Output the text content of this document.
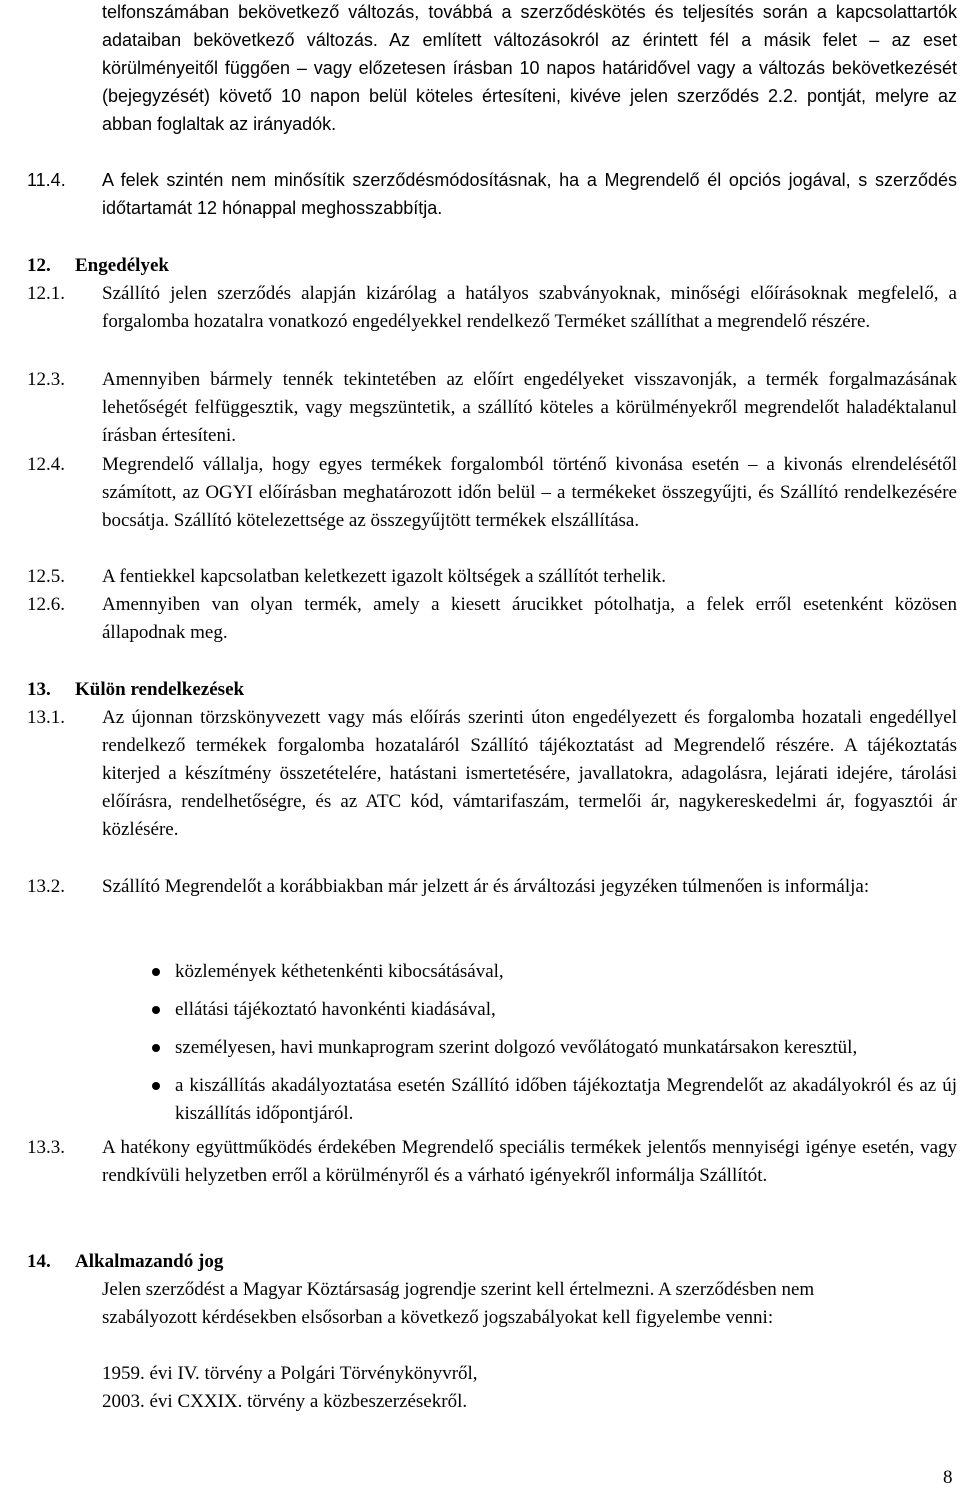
telfonszámában bekövetkező változás, továbbá a szerződéskötés és teljesítés során a kapcsolattartók adataiban bekövetkező változás. Az említett változásokról az érintett fél a másik felet – az eset körülményeitől függően – vagy előzetesen írásban 10 napos határidővel vagy a változás bekövetkezését (bejegyzését) követő 10 napon belül köteles értesíteni, kivéve jelen szerződés 2.2. pontját, melyre az abban foglaltak az irányadók.
11.4.	A felek szintén nem minősítik szerződésmódosításnak, ha a Megrendelő él opciós jogával, s szerződés időtartamát 12 hónappal meghosszabbítja.
12.	Engedélyek
12.1.	Szállító jelen szerződés alapján kizárólag a hatályos szabványoknak, minőségi előírásoknak megfelelő, a forgalomba hozatalra vonatkozó engedélyekkel rendelkező Terméket szállíthat a megrendelő részére.
12.3.	Amennyiben bármely tennék tekintetében az előírt engedélyeket visszavonják, a termék forgalmazásának lehetőségét felfüggesztik, vagy megszüntetik, a szállító köteles a körülményekről megrendelőt haladéktalanul írásban értesíteni.
12.4.	Megrendelő vállalja, hogy egyes termékek forgalomból történő kivonása esetén – a kivonás elrendelésétől számított, az OGYI előírásban meghatározott időn belül – a termékeket összegyűjti, és Szállító rendelkezésére bocsátja. Szállító kötelezettsége az összegyűjtött termékek elszállítása.
12.5.	A fentiekkel kapcsolatban keletkezett igazolt költségek a szállítót terhelik.
12.6.	Amennyiben van olyan termék, amely a kiesett árucikket pótolhatja, a felek erről esetenként közösen állapodnak meg.
13.	Külön rendelkezések
13.1.	Az újonnan törzskönyvezett vagy más előírás szerinti úton engedélyezett és forgalomba hozatali engedéllyel rendelkező termékek forgalomba hozataláról Szállító tájékoztatást ad Megrendelő részére. A tájékoztatás kiterjed a készítmény összetételére, hatástani ismertetésére, javallatokra, adagolásra, lejárati idejére, tárolási előírásra, rendelhetőségre, és az ATC kód, vámtarifaszám, termelői ár, nagykereskedelmi ár, fogyasztói ár közlésére.
13.2.	Szállító Megrendelőt a korábbiakban már jelzett ár és árváltozási jegyzéken túlmenően is informálja:
közlemények kéthetenkénti kibocsátásával,
ellátási tájékoztató havonkénti kiadásával,
személyesen, havi munkaprogram szerint dolgozó vevőlátogató munkatársakon keresztül,
a kiszállítás akadályoztatása esetén Szállító időben tájékoztatja Megrendelőt az akadályokról és az új kiszállítás időpontjáról.
13.3.	A hatékony együttműködés érdekében Megrendelő speciális termékek jelentős mennyiségi igénye esetén, vagy rendkívüli helyzetben erről a körülményről és a várható igényekről informálja Szállítót.
14.	Alkalmazandó jog
Jelen szerződést a Magyar Köztársaság jogrendje szerint kell értelmezni. A szerződésben nem szabályozott kérdésekben elsősorban a következő jogszabályokat kell figyelembe venni:
1959. évi IV. törvény a Polgári Törvénykönyvről,
2003. évi CXXIX. törvény a közbeszerzésekről.
8
